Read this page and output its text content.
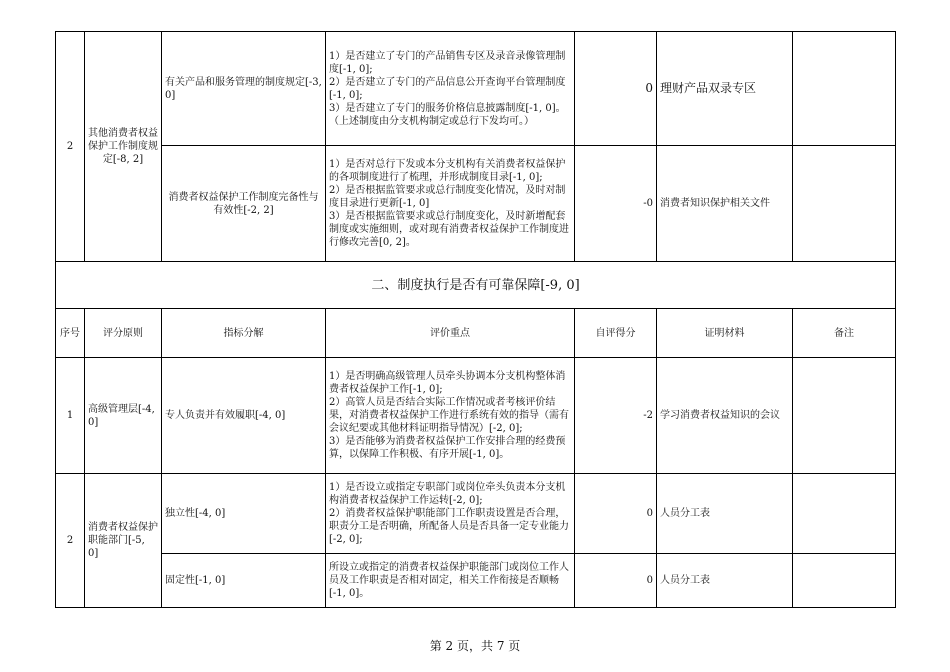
2	其他消费者权益保护工作制度规定[-8, 2]	有关产品和服务管理的制度规定[-3, 0]	1）是否建立了专门的产品销售专区及录音录像管理制度[-1, 0];
2）是否建立了专门的产品信息公开查询平台管理制度[-1, 0];
3）是否建立了专门的服务价格信息披露制度[-1, 0]。
（上述制度由分支机构制定或总行下发均可。）	0	理财产品双录专区	
		消费者权益保护工作制度完备性与有效性[-2, 2]	1）是否对总行下发或本分支机构有关消费者权益保护的各项制度进行了梳理，并形成制度目录[-1, 0];
2）是否根据监管要求或总行制度变化情况，及时对制度目录进行更新[-1, 0]
3）是否根据监管要求或总行制度变化，及时新增配套制度或实施细则，或对现有消费者权益保护工作制度进行修改完善[0, 2]。	-0	消费者知识保护相关文件	
二、制度执行是否有可靠保障[-9, 0]						
序号	评分原则	指标分解	评价重点	自评得分	证明材料	备注
1	高级管理层[-4, 0]	专人负责并有效履职[-4, 0]	1）是否明确高级管理人员牵头协调本分支机构整体消费者权益保护工作[-1, 0];
2）高管人员是否结合实际工作情况或者考核评价结果，对消费者权益保护工作进行系统有效的指导（需有会议纪要或其他材料证明指导情况）[-2, 0];
3）是否能够为消费者权益保护工作安排合理的经费预算，以保障工作积极、有序开展[-1, 0]。	-2	学习消费者权益知识的会议	
2	消费者权益保护职能部门[-5, 0]	独立性[-4, 0]	1）是否设立或指定专职部门或岗位牵头负责本分支机构消费者权益保护工作运转[-2, 0];
2）消费者权益保护职能部门工作职责设置是否合理，职责分工是否明确，所配备人员是否具备一定专业能力[-2, 0];	0	人员分工表	
		固定性[-1, 0]	所设立或指定的消费者权益保护职能部门或岗位工作人员及工作职责是否相对固定，相关工作衔接是否顺畅[-1, 0]。	0	人员分工表	
第 2 页，共 7 页
